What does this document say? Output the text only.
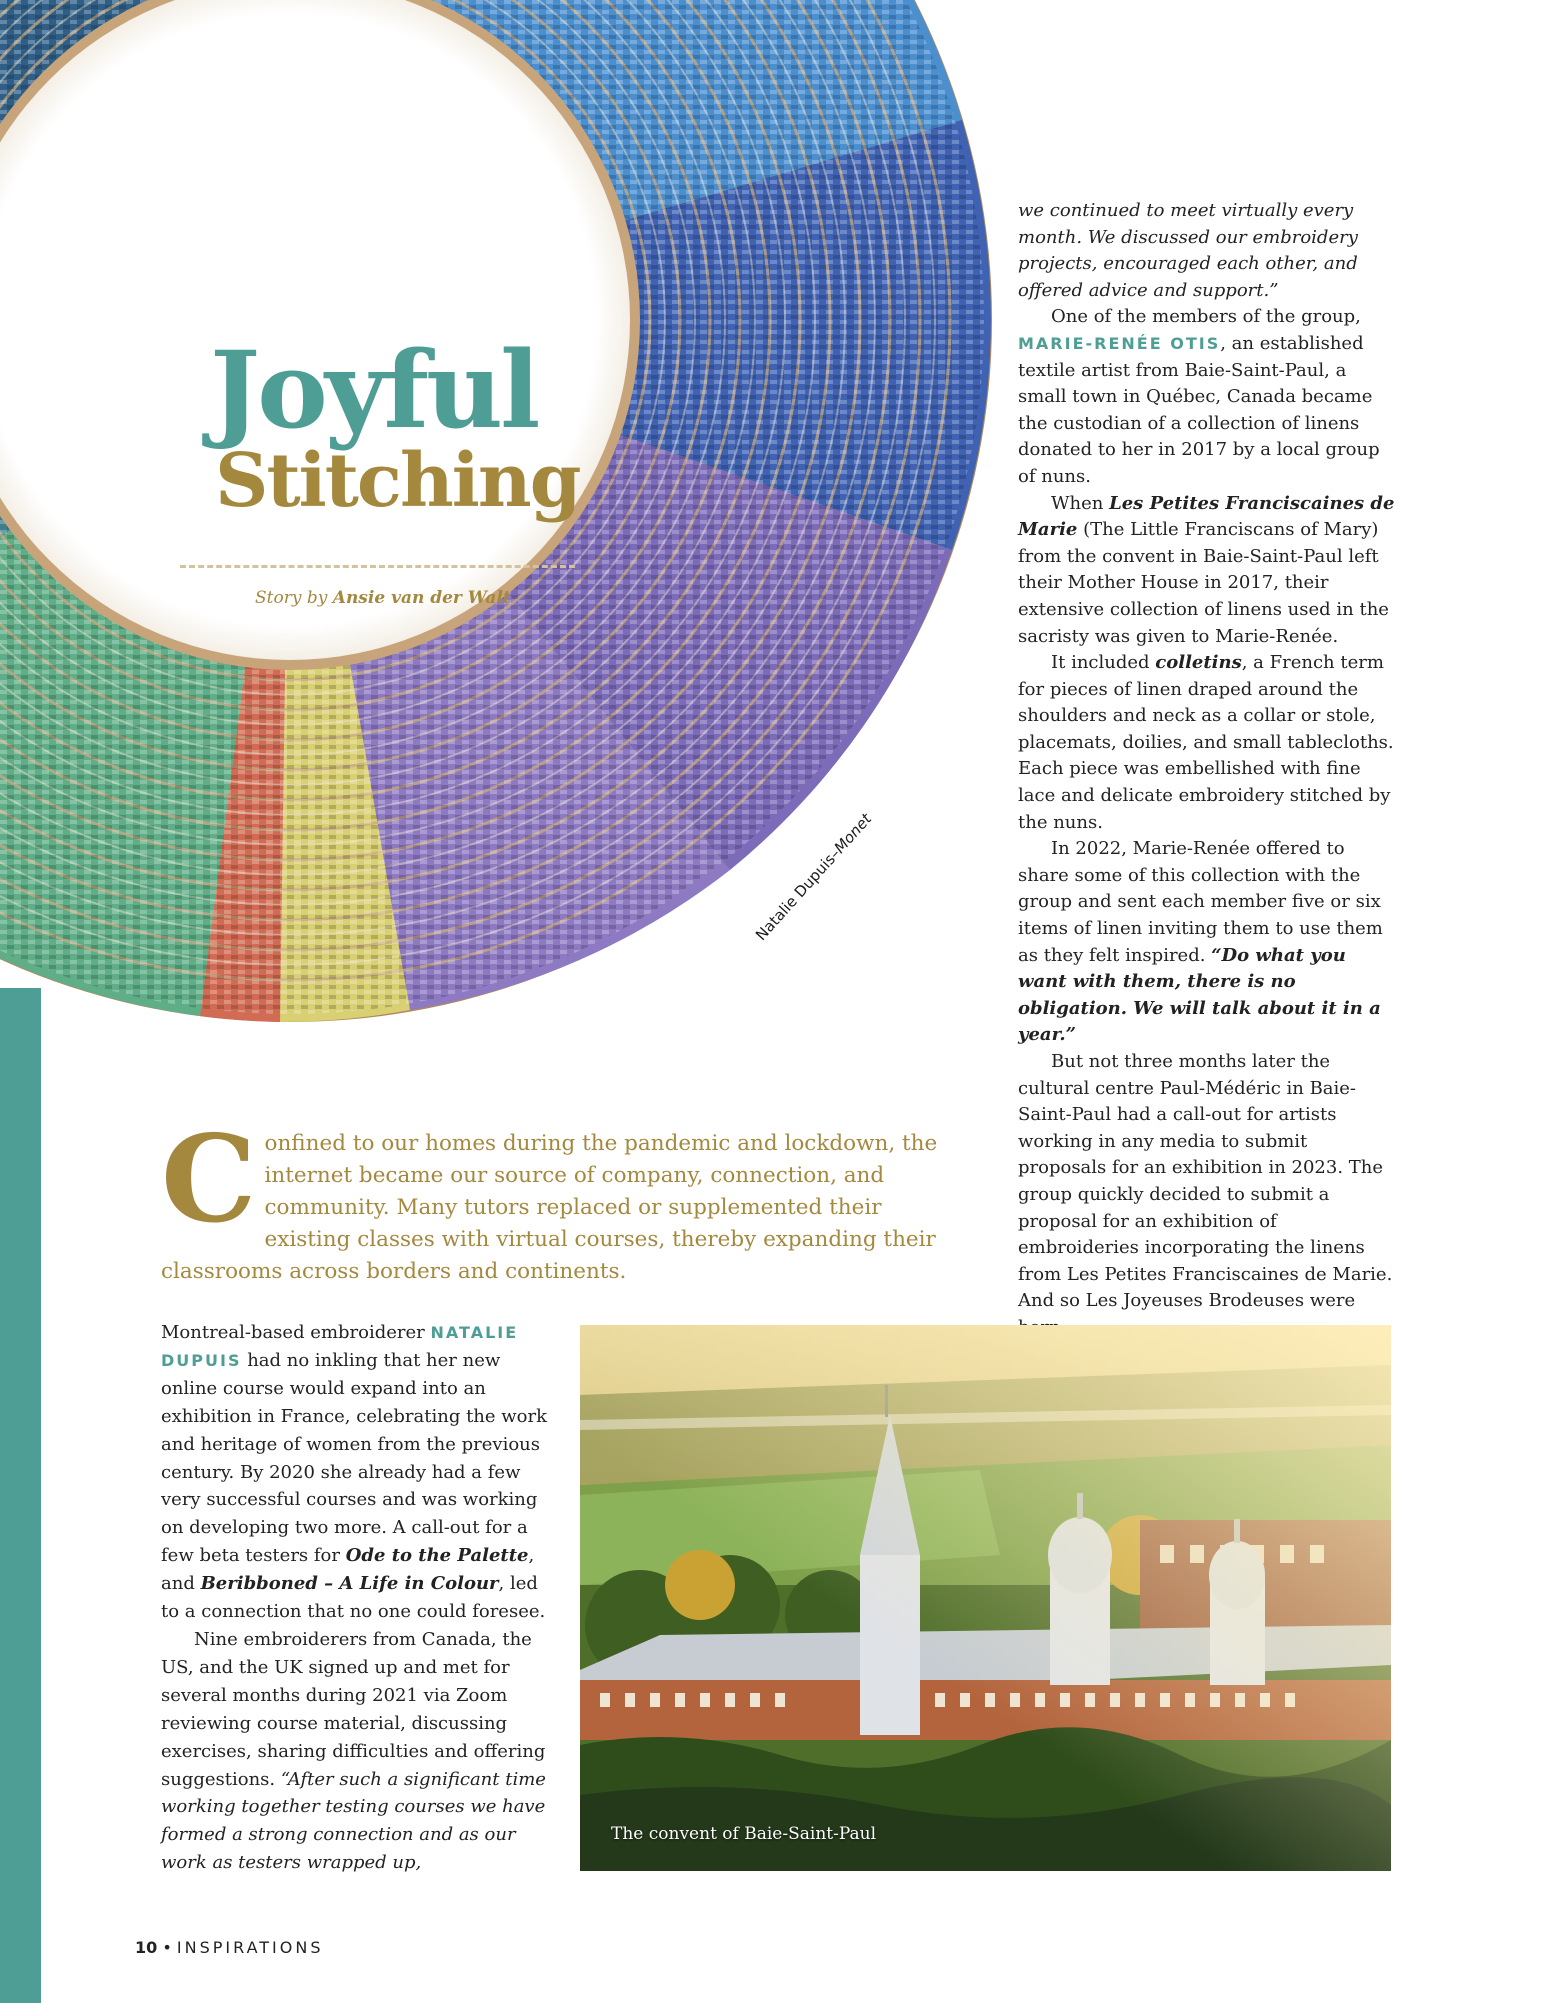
Natalie Dupuis–Monet
Joyful
Stitching
Story by Ansie van der Walt

we continued to meet virtually every month. We discussed our embroidery projects, encouraged each other, and offered advice and support.”

One of the members of the group, MARIE-RENÉE OTIS, an established textile artist from Baie-Saint-Paul, a small town in Québec, Canada became the custodian of a collection of linens donated to her in 2017 by a local group of nuns.

When Les Petites Franciscaines de Marie (The Little Franciscans of Mary) from the convent in Baie-Saint-Paul left their Mother House in 2017, their extensive collection of linens used in the sacristy was given to Marie-Renée.

It included colletins, a French term for pieces of linen draped around the shoulders and neck as a collar or stole, placemats, doilies, and small tablecloths. Each piece was embellished with fine lace and delicate embroidery stitched by the nuns.

In 2022, Marie-Renée offered to share some of this collection with the group and sent each member five or six items of linen inviting them to use them as they felt inspired. “Do what you want with them, there is no obligation. We will talk about it in a year.”

But not three months later the cultural centre Paul-Médéric in Baie-Saint-Paul had a call-out for artists working in any media to submit proposals for an exhibition in 2023. The group quickly decided to submit a proposal for an exhibition of embroideries incorporating the linens from Les Petites Franciscaines de Marie. And so Les Joyeuses Brodeuses were

Confined to our homes during the pandemic and lockdown, the internet became our source of company, connection, and community. Many tutors replaced or supplemented their existing classes with virtual courses, thereby expanding their classrooms across borders and continents.

Montreal-based embroiderer NATALIE DUPUIS had no inkling that her new online course would expand into an exhibition in France, celebrating the work and heritage of women from the previous century. By 2020 she already had a few very successful courses and was working on developing two more. A call-out for a few beta testers for Ode to the Palette, and Beribboned – A Life in Colour, led to a connection that no one could foresee.

Nine embroiderers from Canada, the US, and the UK signed up and met for several months during 2021 via Zoom reviewing course material, discussing exercises, sharing difficulties and offering suggestions. “After such a significant time working together testing courses we have formed a strong connection and as our work as testers wrapped up,

The convent of Baie-Saint-Paul
10 • INSPIRATIONS
